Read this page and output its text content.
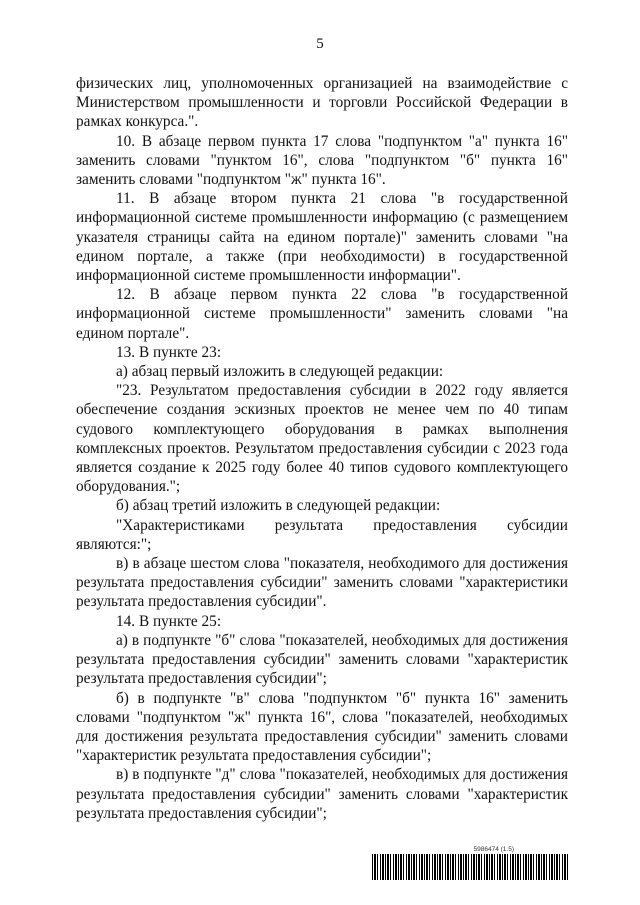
5

физических лиц, уполномоченных организацией на взаимодействие с Министерством промышленности и торговли Российской Федерации в рамках конкурса.".

10. В абзаце первом пункта 17 слова "подпунктом "а" пункта 16" заменить словами "пунктом 16", слова "подпунктом "б" пункта 16" заменить словами "подпунктом "ж" пункта 16".

11. В абзаце втором пункта 21 слова "в государственной информационной системе промышленности информацию (с размещением указателя страницы сайта на едином портале)" заменить словами "на едином портале, а также (при необходимости) в государственной информационной системе промышленности информации".

12. В абзаце первом пункта 22 слова "в государственной информационной системе промышленности" заменить словами "на едином портале".

13. В пункте 23:

а) абзац первый изложить в следующей редакции:

"23. Результатом предоставления субсидии в 2022 году является обеспечение создания эскизных проектов не менее чем по 40 типам судового комплектующего оборудования в рамках выполнения комплексных проектов. Результатом предоставления субсидии с 2023 года является создание к 2025 году более 40 типов судового комплектующего оборудования.";

б) абзац третий изложить в следующей редакции:

"Характеристиками результата предоставления субсидии являются:";

в) в абзаце шестом слова "показателя, необходимого для достижения результата предоставления субсидии" заменить словами "характеристики результата предоставления субсидии".

14. В пункте 25:

а) в подпункте "б" слова "показателей, необходимых для достижения результата предоставления субсидии" заменить словами "характеристик результата предоставления субсидии";

б) в подпункте "в" слова "подпунктом "б" пункта 16" заменить словами "подпунктом "ж" пункта 16", слова "показателей, необходимых для достижения результата предоставления субсидии" заменить словами "характеристик результата предоставления субсидии";

в) в подпункте "д" слова "показателей, необходимых для достижения результата предоставления субсидии" заменить словами "характеристик результата предоставления субсидии";

5986474 (1.5)
